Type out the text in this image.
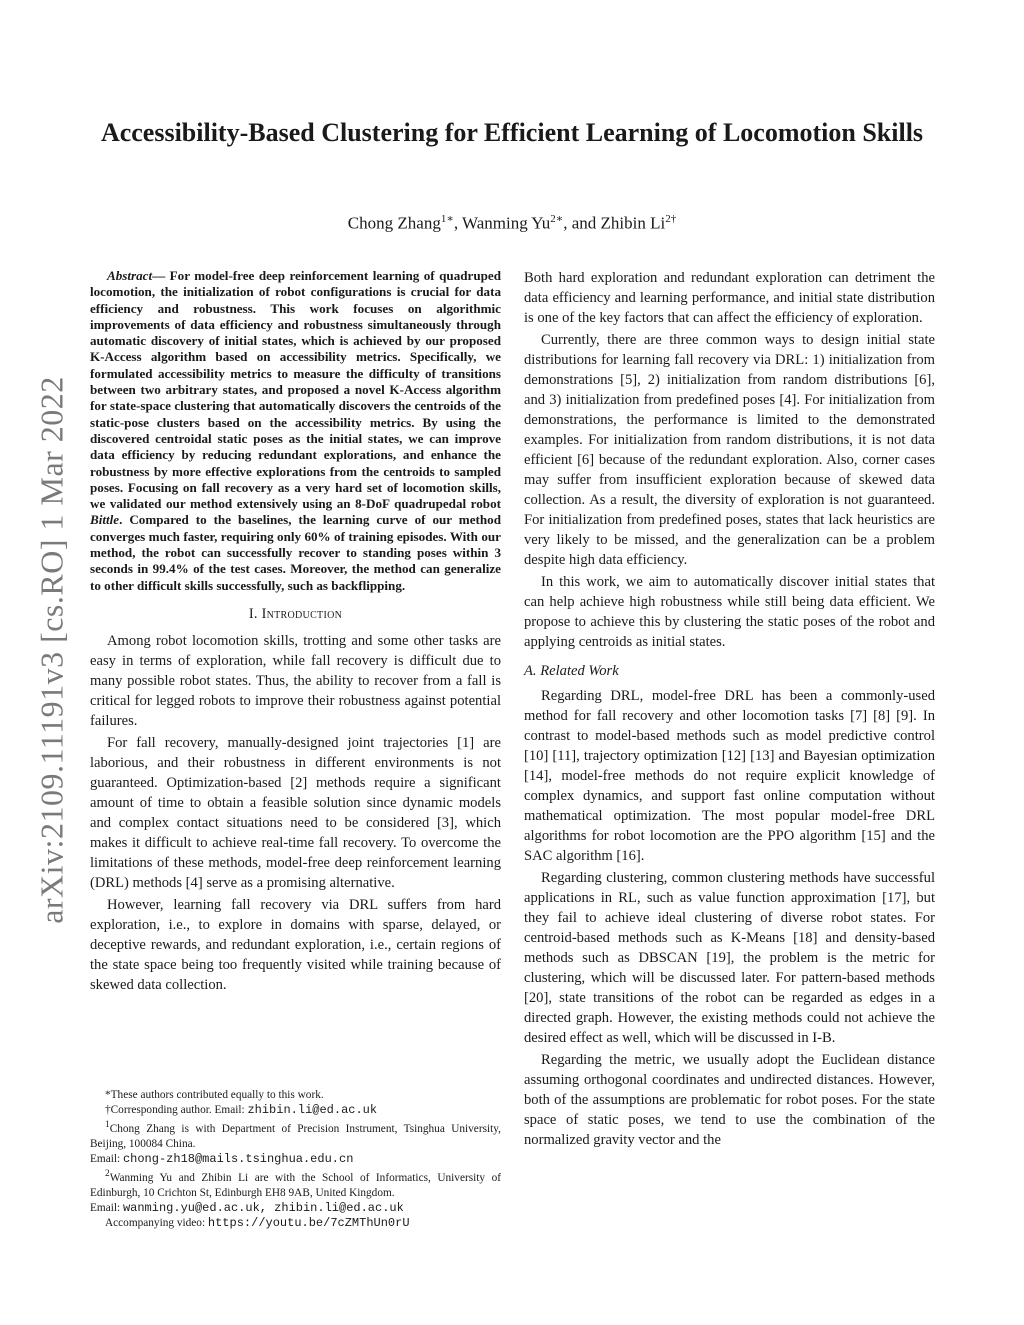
Accessibility-Based Clustering for Efficient Learning of Locomotion Skills
Chong Zhang$^{1∗}$, Wanming $Yu^{2∗}$, and Zhibin $Li^{2\dagger}$
arXiv:2109.11191v3 [cs.RO] 1 Mar 2022

Abstract— For model-free deep reinforcement learning of quadruped locomotion, the initialization of robot configurations is crucial for data efficiency and robustness. This work focuses on algorithmic improvements of data efficiency and robustness simultaneously through automatic discovery of initial states, which is achieved by our proposed K-Access algorithm based on accessibility metrics. Specifically, we formulated accessibility metrics to measure the difficulty of transitions between two arbitrary states, and proposed a novel K-Access algorithm for state-space clustering that automatically discovers the centroids of the static-pose clusters based on the accessibility metrics. By using the discovered centroidal static poses as the initial states, we can improve data efficiency by reducing redundant explorations, and enhance the robustness by more effective explorations from the centroids to sampled poses. Focusing on fall recovery as a very hard set of locomotion skills, we validated our method extensively using an 8-DoF quadrupedal robot Bittle. Compared to the baselines, the learning curve of our method converges much faster, requiring only 60% of training episodes. With our method, the robot can successfully recover to standing poses within 3 seconds in 99.4% of the test cases. Moreover, the method can generalize to other difficult skills successfully, such as backflipping.

I. Introduction

Among robot locomotion skills, trotting and some other tasks are easy in terms of exploration, while fall recovery is difficult due to many possible robot states. Thus, the ability to recover from a fall is critical for legged robots to improve their robustness against potential failures.

For fall recovery, manually-designed joint trajectories [1] are laborious, and their robustness in different environments is not guaranteed. Optimization-based [2] methods require a significant amount of time to obtain a feasible solution since dynamic models and complex contact situations need to be considered [3], which makes it difficult to achieve real-time fall recovery. To overcome the limitations of these methods, model-free deep reinforcement learning (DRL) methods [4] serve as a promising alternative.

However, learning fall recovery via DRL suffers from hard exploration, i.e., to explore in domains with sparse, delayed, or deceptive rewards, and redundant exploration, i.e., certain regions of the state space being too frequently visited while training because of skewed data collection.

*These authors contributed equally to this work.
†Corresponding author. Email: zhibin.li@ed.ac.uk
$^1$Chong Zhang is with Department of Precision Instrument, Tsinghua University, Beijing, 100084 China.
Email: chong-zh18@mails.tsinghua.edu.cn
$^2$Wanming Yu and Zhibin Li are with the School of Informatics, University of Edinburgh, 10 Crichton St, Edinburgh EH8 9AB, United Kingdom.
Email: wanming.yu@ed.ac.uk, zhibin.li@ed.ac.uk
Accompanying video: https://youtu.be/7cZMThUn0rU

Both hard exploration and redundant exploration can detriment the data efficiency and learning performance, and initial state distribution is one of the key factors that can affect the efficiency of exploration.

Currently, there are three common ways to design initial state distributions for learning fall recovery via DRL: 1) initialization from demonstrations [5], 2) initialization from random distributions [6], and 3) initialization from predefined poses [4]. For initialization from demonstrations, the performance is limited to the demonstrated examples. For initialization from random distributions, it is not data efficient [6] because of the redundant exploration. Also, corner cases may suffer from insufficient exploration because of skewed data collection. As a result, the diversity of exploration is not guaranteed. For initialization from predefined poses, states that lack heuristics are very likely to be missed, and the generalization can be a problem despite high data efficiency.

In this work, we aim to automatically discover initial states that can help achieve high robustness while still being data efficient. We propose to achieve this by clustering the static poses of the robot and applying centroids as initial states.

A. Related Work

Regarding DRL, model-free DRL has been a commonly-used method for fall recovery and other locomotion tasks [7] [8] [9]. In contrast to model-based methods such as model predictive control [10] [11], trajectory optimization [12] [13] and Bayesian optimization [14], model-free methods do not require explicit knowledge of complex dynamics, and support fast online computation without mathematical optimization. The most popular model-free DRL algorithms for robot locomotion are the PPO algorithm [15] and the SAC algorithm [16].

Regarding clustering, common clustering methods have successful applications in RL, such as value function approximation [17], but they fail to achieve ideal clustering of diverse robot states. For centroid-based methods such as K-Means [18] and density-based methods such as DBSCAN [19], the problem is the metric for clustering, which will be discussed later. For pattern-based methods [20], state transitions of the robot can be regarded as edges in a directed graph. However, the existing methods could not achieve the desired effect as well, which will be discussed in I-B.

Regarding the metric, we usually adopt the Euclidean distance assuming orthogonal coordinates and undirected distances. However, both of the assumptions are problematic for robot poses. For the state space of static poses, we tend to use the combination of the normalized gravity vector and the
